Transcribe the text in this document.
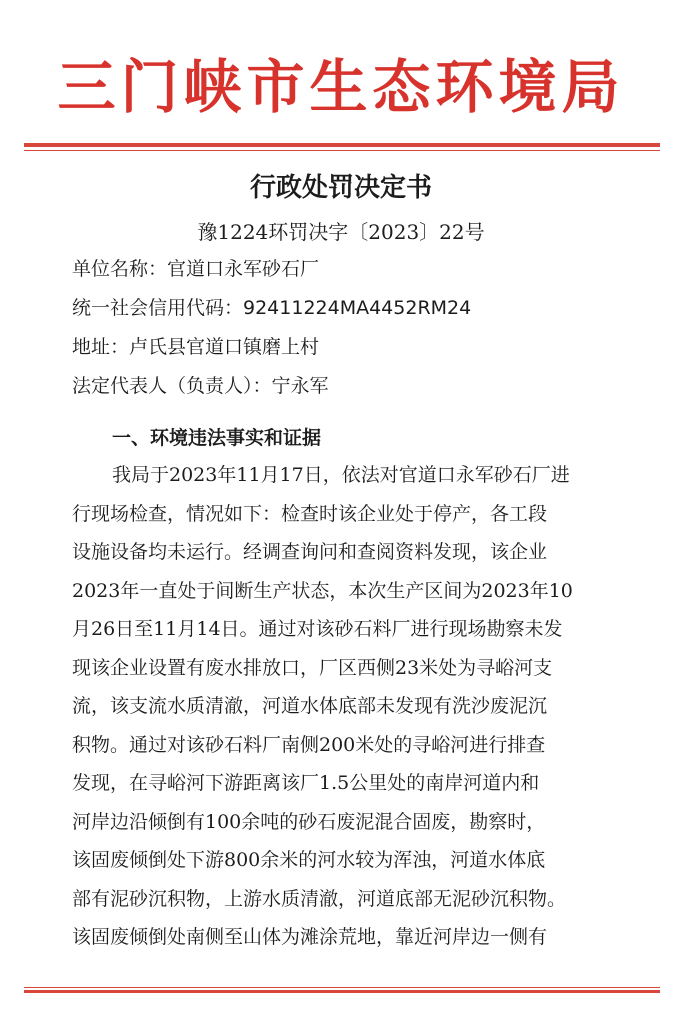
三门峡市生态环境局
行政处罚决定书
豫1224环罚决字〔2023〕22号
单位名称：官道口永军砂石厂
统一社会信用代码：92411224MA4452RM24
地址：卢氏县官道口镇磨上村
法定代表人（负责人）：宁永军
一、环境违法事实和证据
我局于2023年11月17日，依法对官道口永军砂石厂进
行现场检查，情况如下：检查时该企业处于停产，各工段
设施设备均未运行。经调查询问和查阅资料发现，该企业
2023年一直处于间断生产状态，本次生产区间为2023年10
月26日至11月14日。通过对该砂石料厂进行现场勘察未发
现该企业设置有废水排放口，厂区西侧23米处为寻峪河支
流，该支流水质清澈，河道水体底部未发现有洗沙废泥沉
积物。通过对该砂石料厂南侧200米处的寻峪河进行排查
发现，在寻峪河下游距离该厂1.5公里处的南岸河道内和
河岸边沿倾倒有100余吨的砂石废泥混合固废，勘察时，
该固废倾倒处下游800余米的河水较为浑浊，河道水体底
部有泥砂沉积物，上游水质清澈，河道底部无泥砂沉积物。
该固废倾倒处南侧至山体为滩涂荒地，靠近河岸边一侧有
